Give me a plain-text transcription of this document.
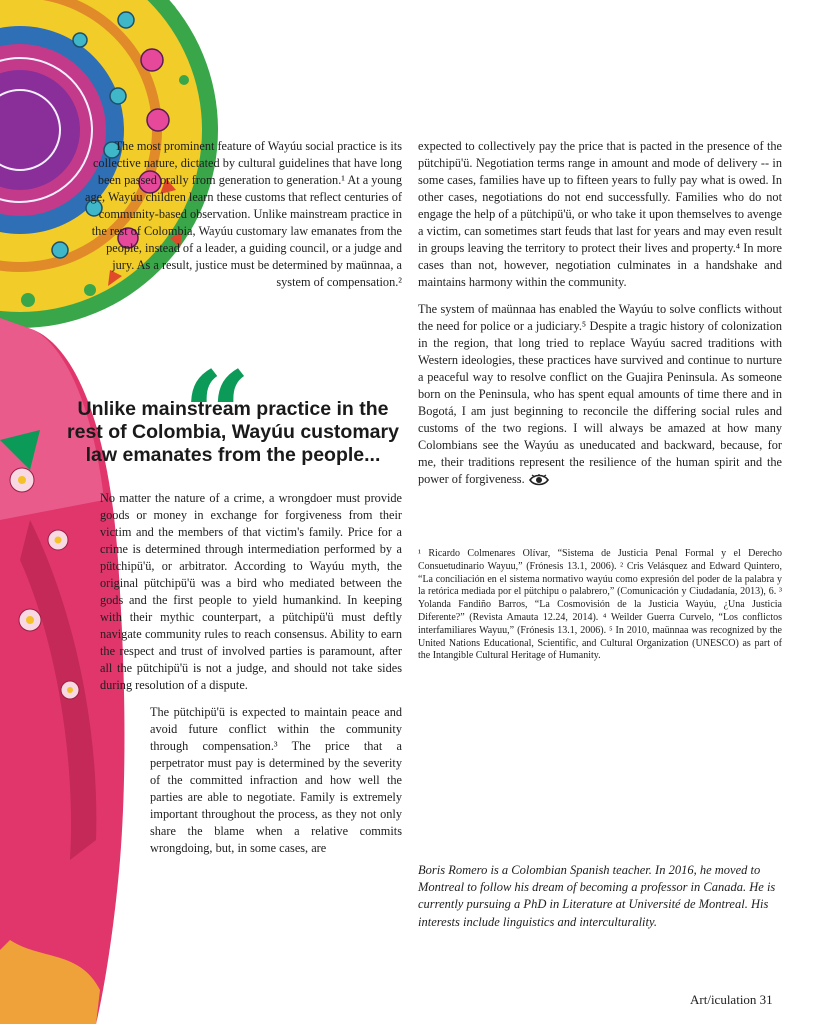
The most prominent feature of Wayúu social practice is its collective nature, dictated by cultural guidelines that have long been passed orally from generation to generation.¹ At a young age, Wayúu children learn these customs that reflect centuries of community-based observation. Unlike mainstream practice in the rest of Colombia, Wayúu customary law emanates from the people, instead of a leader, a guiding council, or a judge and jury. As a result, justice must be determined by maünnaa, a system of compensation.²

“
Unlike mainstream practice in the rest of Colombia, Wayúu customary law emanates from the people...

No matter the nature of a crime, a wrongdoer must provide goods or money in exchange for forgiveness from their victim and the members of that victim's family. Price for a crime is determined through intermediation performed by a pütchipü'ü, or arbitrator. According to Wayúu myth, the original pütchipü'ü was a bird who mediated between the gods and the first people to yield humankind. In keeping with their mythic counterpart, a pütchipü'ü must deftly navigate community rules to reach consensus. Ability to earn the respect and trust of involved parties is paramount, after all the pütchipü'ü is not a judge, and should not take sides during resolution of a dispute.

The pütchipü'ü is expected to maintain peace and avoid future conflict within the community through compensation.³ The price that a perpetrator must pay is determined by the severity of the committed infraction and how well the parties are able to negotiate. Family is extremely important throughout the process, as they not only share the blame when a relative commits wrongdoing, but, in some cases, are

expected to collectively pay the price that is pacted in the presence of the pütchipü'ü. Negotiation terms range in amount and mode of delivery -- in some cases, families have up to fifteen years to fully pay what is owed. In other cases, negotiations do not end successfully. Families who do not engage the help of a pütchipü'ü, or who take it upon themselves to avenge a victim, can sometimes start feuds that last for years and may even result in groups leaving the territory to protect their lives and property.⁴ In more cases than not, however, negotiation culminates in a handshake and maintains harmony within the community.

The system of maünnaa has enabled the Wayúu to solve conflicts without the need for police or a judiciary.⁵ Despite a tragic history of colonization in the region, that long tried to replace Wayúu sacred traditions with Western ideologies, these practices have survived and continue to nurture a peaceful way to resolve conflict on the Guajira Peninsula. As someone born on the Peninsula, who has spent equal amounts of time there and in Bogotá, I am just beginning to reconcile the differing social rules and customs of the two regions. I will always be amazed at how many Colombians see the Wayúu as uneducated and backward, because, for me, their traditions represent the resilience of the human spirit and the power of forgiveness.

¹ Ricardo Colmenares Olívar, “Sistema de Justicia Penal Formal y el Derecho Consuetudinario Wayuu,” (Frónesis 13.1, 2006). ² Cris Velásquez and Edward Quintero, “La conciliación en el sistema normativo wayúu como expresión del poder de la palabra y la retórica mediada por el pütchipu o palabrero,” (Comunicación y Ciudadanía, 2013), 6. ³ Yolanda Fandiño Barros, “La Cosmovisión de la Justicia Wayúu, ¿Una Justicia Diferente?” (Revista Amauta 12.24, 2014). ⁴ Weilder Guerra Curvelo, “Los conflictos interfamiliares Wayuu,” (Frónesis 13.1, 2006). ⁵ In 2010, maünnaa was recognized by the United Nations Educational, Scientific, and Cultural Organization (UNESCO) as part of the Intangible Cultural Heritage of Humanity.

Boris Romero is a Colombian Spanish teacher. In 2016, he moved to Montreal to follow his dream of becoming a professor in Canada. He is currently pursuing a PhD in Literature at Université de Montreal. His interests include linguistics and interculturality.
Art/iculation 31
